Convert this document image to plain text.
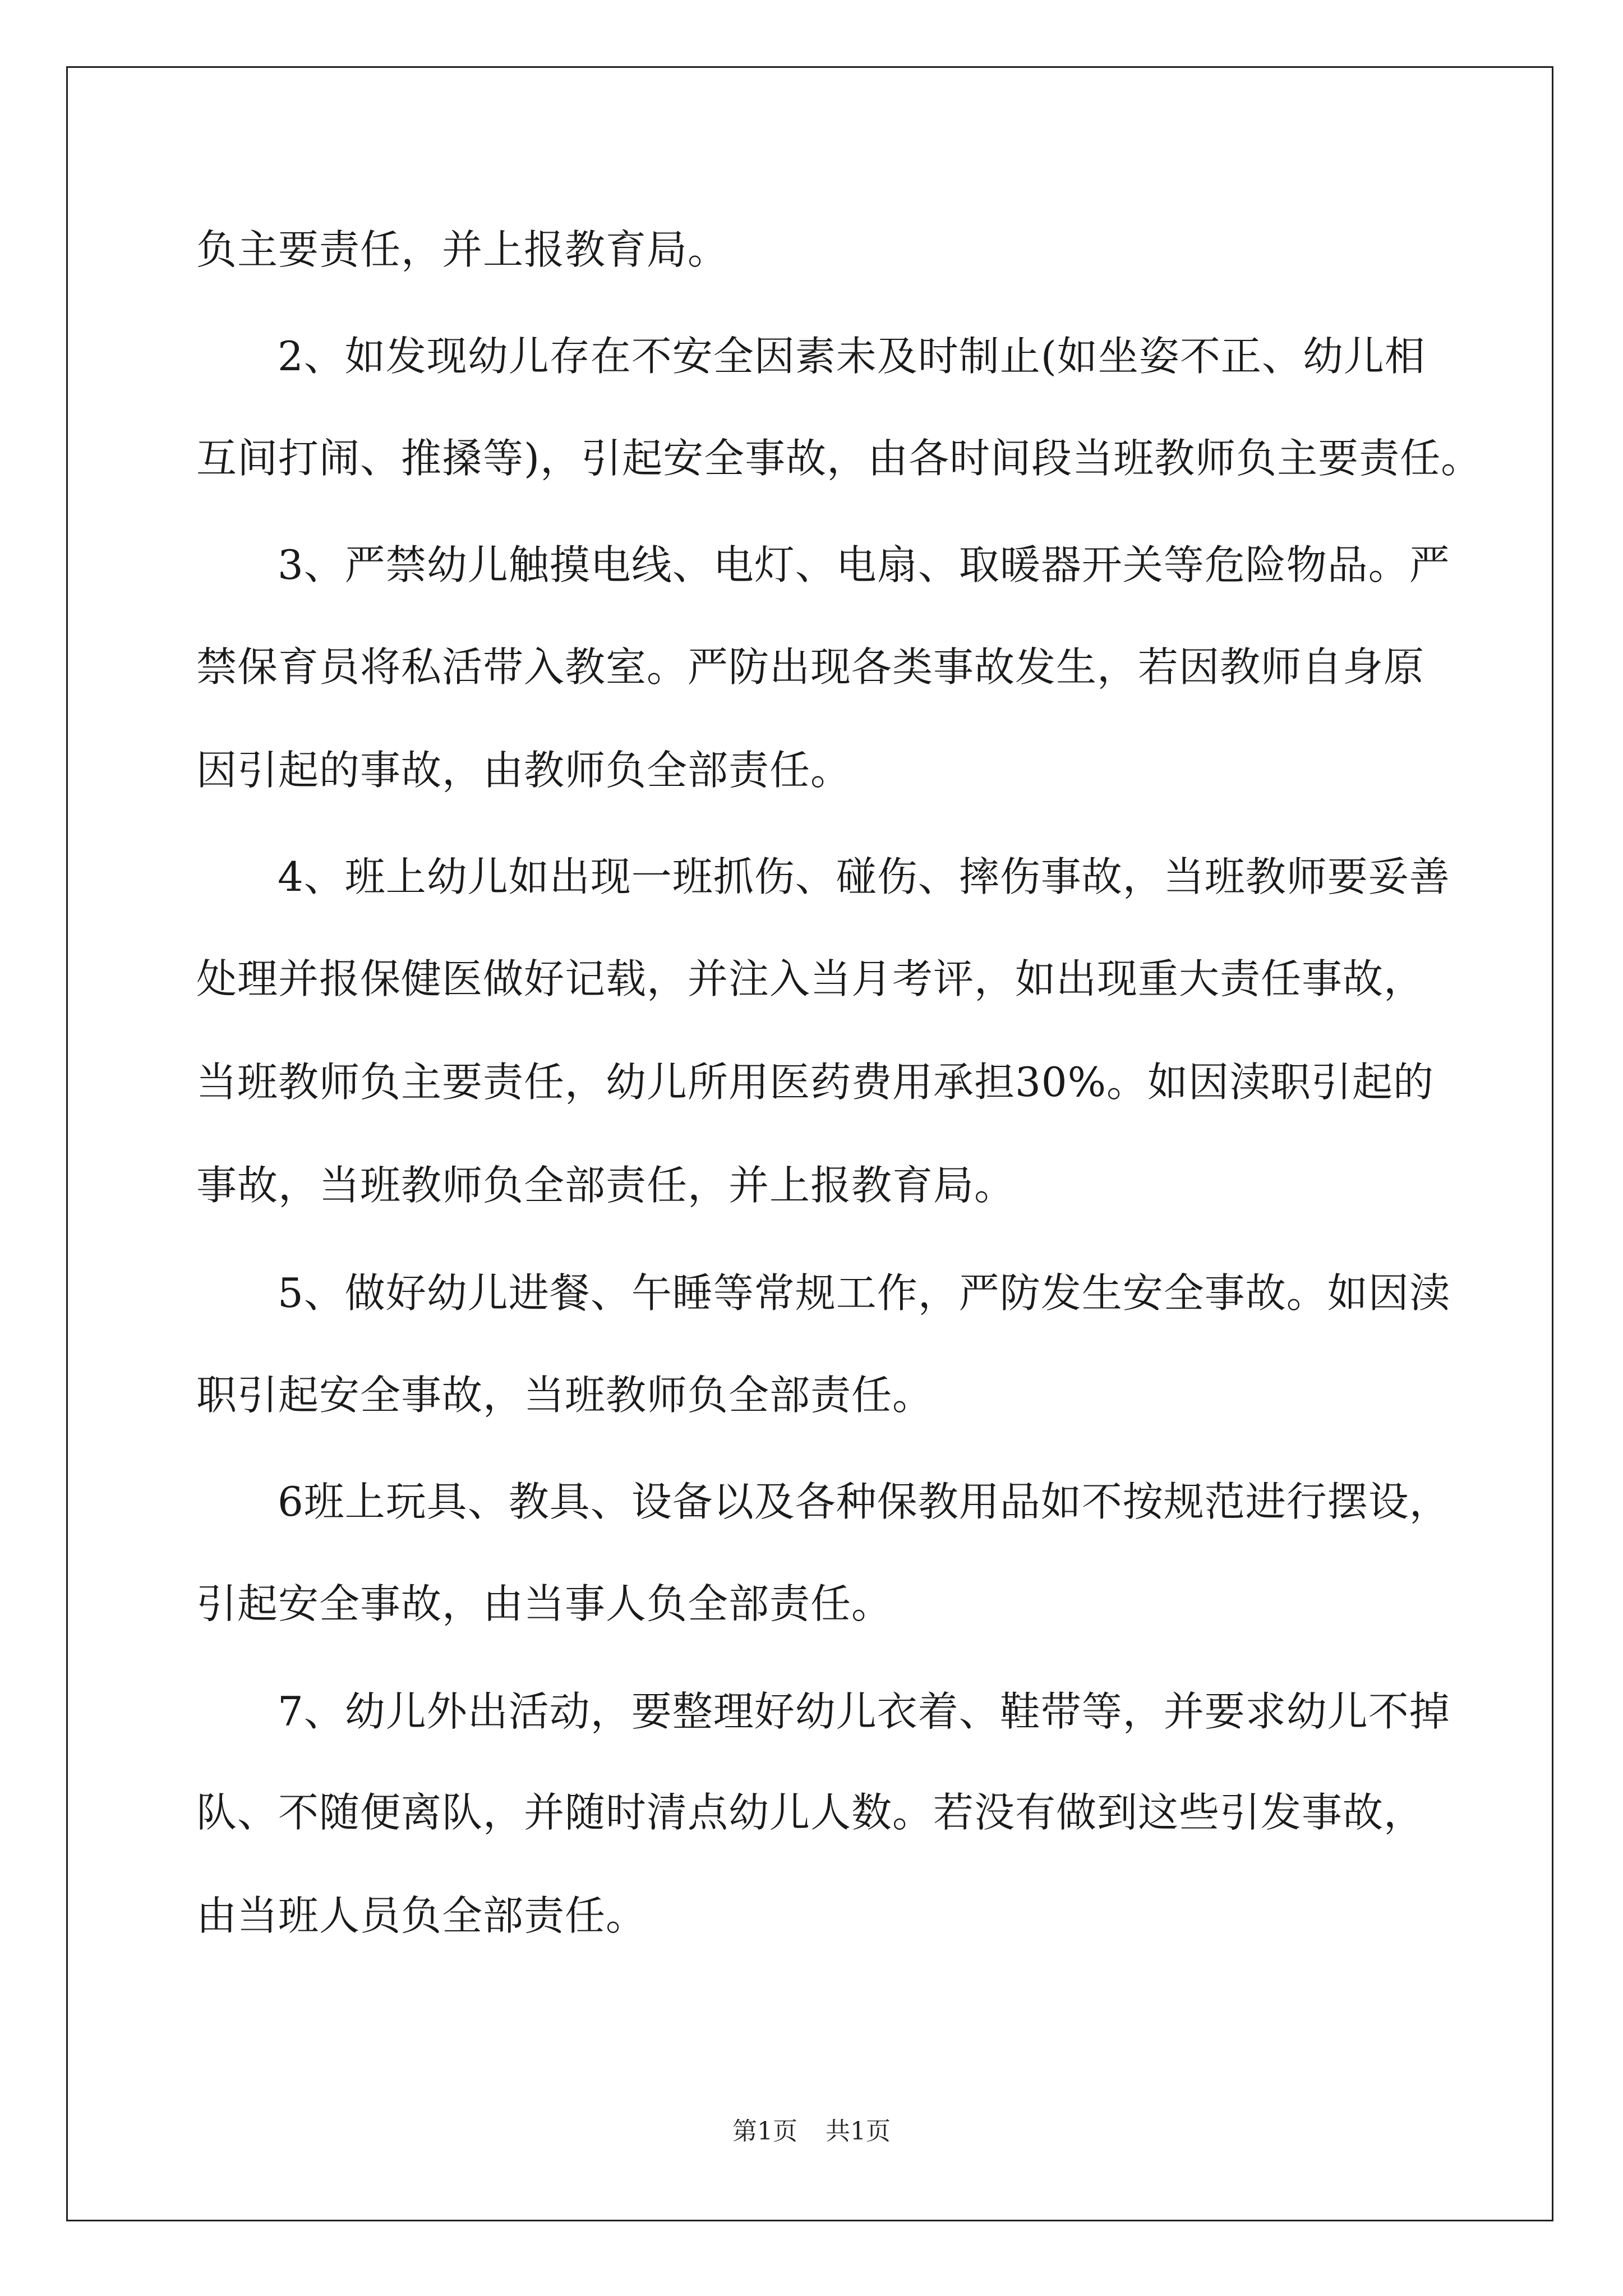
负主要责任，并上报教育局。
2、如发现幼儿存在不安全因素未及时制止(如坐姿不正、幼儿相
互间打闹、推搡等)，引起安全事故，由各时间段当班教师负主要责任。
3、严禁幼儿触摸电线、电灯、电扇、取暖器开关等危险物品。严
禁保育员将私活带入教室。严防出现各类事故发生，若因教师自身原
因引起的事故，由教师负全部责任。
4、班上幼儿如出现一班抓伤、碰伤、摔伤事故，当班教师要妥善
处理并报保健医做好记载，并注入当月考评，如出现重大责任事故，
当班教师负主要责任，幼儿所用医药费用承担30%。如因渎职引起的
事故，当班教师负全部责任，并上报教育局。
5、做好幼儿进餐、午睡等常规工作，严防发生安全事故。如因渎
职引起安全事故，当班教师负全部责任。
6班上玩具、教具、设备以及各种保教用品如不按规范进行摆设，
引起安全事故，由当事人负全部责任。
7、幼儿外出活动，要整理好幼儿衣着、鞋带等，并要求幼儿不掉
队、不随便离队，并随时清点幼儿人数。若没有做到这些引发事故，
由当班人员负全部责任。
第1页 共1页
